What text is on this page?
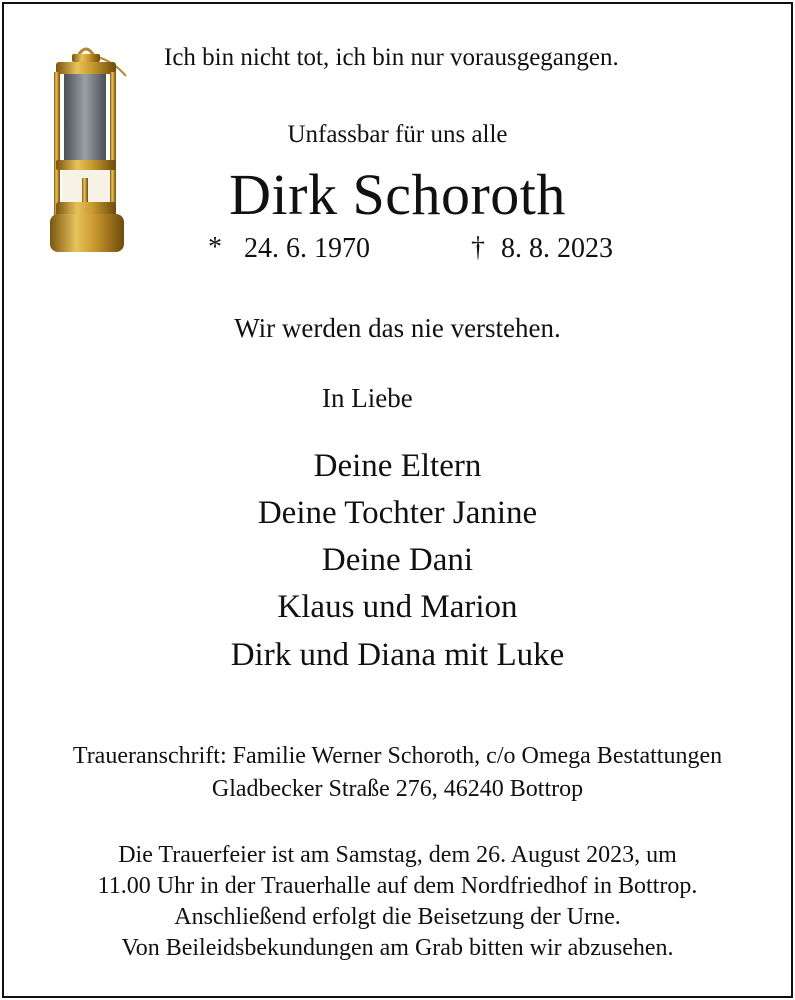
Ich bin nicht tot, ich bin nur vorausgegangen.
Unfassbar für uns alle
Dirk Schoroth
* 24. 6. 1970	† 8. 8. 2023
Wir werden das nie verstehen.
In Liebe
Deine Eltern
Deine Tochter Janine
Deine Dani
Klaus und Marion
Dirk und Diana mit Luke
Traueranschrift: Familie Werner Schoroth, c/o Omega Bestattungen
Gladbecker Straße 276, 46240 Bottrop
Die Trauerfeier ist am Samstag, dem 26. August 2023, um
11.00 Uhr in der Trauerhalle auf dem Nordfriedhof in Bottrop.
Anschließend erfolgt die Beisetzung der Urne.
Von Beileidsbekundungen am Grab bitten wir abzusehen.
